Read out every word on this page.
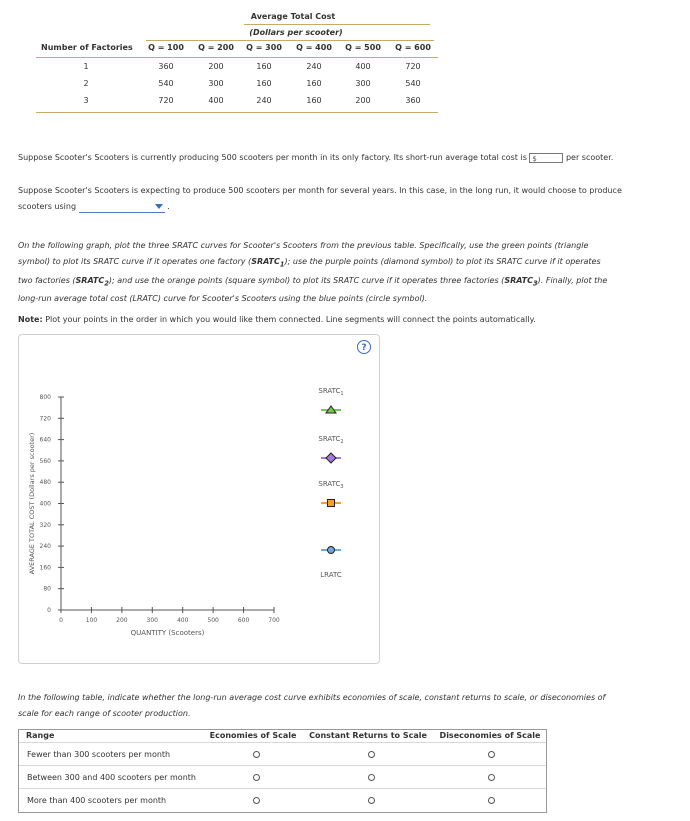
Average Total Cost
(Dollars per scooter)
Number of Factories	Q = 100	Q = 200	Q = 300	Q = 400	Q = 500	Q = 600
1	360	200	160	240	400	720
2	540	300	160	160	300	540
3	720	400	240	160	200	360
Suppose Scooter's Scooters is currently producing 500 scooters per month in its only factory. Its short-run average total cost is $	per scooter.
Suppose Scooter's Scooters is expecting to produce 500 scooters per month for several years. In this case, in the long run, it would choose to produce
scooters using	.
On the following graph, plot the three SRATC curves for Scooter's Scooters from the previous table. Specifically, use the green points (triangle
symbol) to plot its SRATC curve if it operates one factory $(SRATC_1)$; use the purple points (diamond symbol) to plot its SRATC curve if it operates
two factories $(SRATC_2)$; and use the orange points (square symbol) to plot its SRATC curve if it operates three factories $(SRATC_3)$. Finally, plot the
long-run average total cost (LRATC) curve for Scooter's Scooters using the blue points (circle symbol).
Note: Plot your points in the order in which you would like them connected. Line segments will connect the points automatically.
?
800
720
640
560
480
400
320
240
160
80
0
0	100	200	300	400	500	600	700
AVERAGE TOTAL COST (Dollars per scooter)
QUANTITY (Scooters)
$SRATC_1$
$SRATC_2$
$SRATC_3$
LRATC
In the following table, indicate whether the long-run average cost curve exhibits economies of scale, constant returns to scale, or diseconomies of
scale for each range of scooter production.
Range	Economies of Scale	Constant Returns to Scale	Diseconomies of Scale
Fewer than 300 scooters per month
Between 300 and 400 scooters per month
More than 400 scooters per month
